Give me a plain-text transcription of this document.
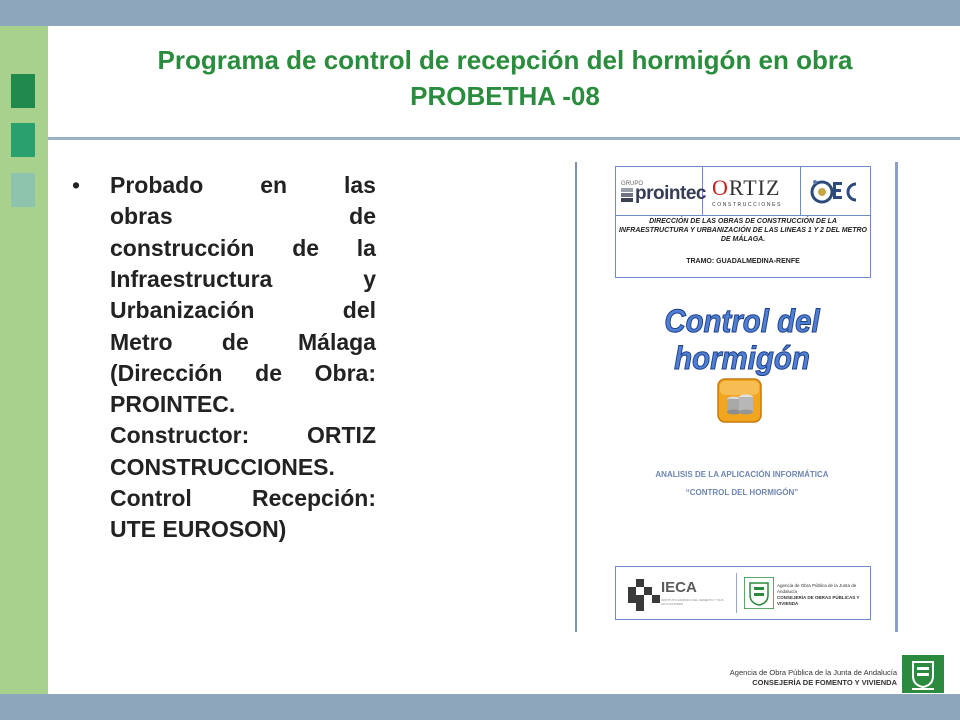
Programa de control de recepción del hormigón en obra
PROBETHA -08
• Probado en las
obras	de
construcción de la
Infraestructura	y
Urbanización	del
Metro de Málaga
(Dirección de Obra:
PROINTEC.
Constructor:	ORTIZ
CONSTRUCCIONES.
Control	Recepción:
UTE EUROSON)
GRUPO
prointec ORTIZ
CONSTRUCCIONES
DIRECCIÓN DE LAS OBRAS DE CONSTRUCCIÓN DE LA INFRAESTRUCTURA Y URBANIZACIÓN DE LAS LINEAS 1 Y 2 DEL METRO DE MÁLAGA.
TRAMO: GUADALMEDINA-RENFE
Control del hormigón
ANALISIS DE LA APLICACIÓN INFORMÁTICA
“CONTROL DEL HORMIGÓN”
IECA
INSTITUTO ESPAÑOL DEL CEMENTO Y SUS APLICACIONES
Agencia de Obra Pública de la Junta de Andalucía
CONSEJERÍA DE OBRAS PÚBLICAS Y VIVIENDA
Agencia de Obra Pública de la Junta de Andalucía
CONSEJERÍA DE FOMENTO Y VIVIENDA
